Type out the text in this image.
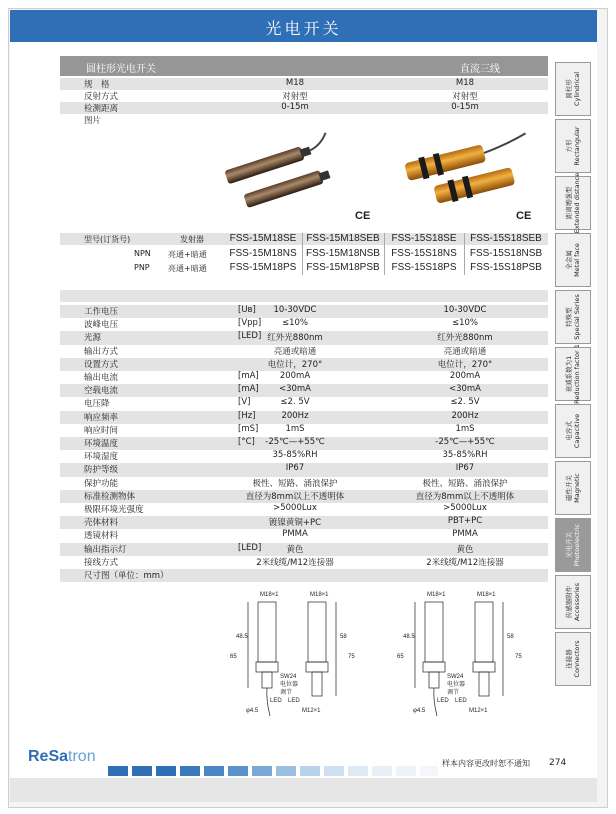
光电开关
圆柱形光电开关	直流三线
规　格	M18	M18
反射方式	对射型	对射型
检测距离	0-15m	0-15m
图片
CE	CE
型号(订货号)	发射器	FSS-15M18SE FSS-15M18SEB	FSS-15S18SE	FSS-15S18SEB
NPN 亮通+暗通	FSS-15M18NS FSS-15M18NSB	FSS-15S18NS	FSS-15S18NSB
PNP 亮通+暗通	FSS-15M18PS FSS-15M18PSB	FSS-15S18PS	FSS-15S18PSB
工作电压	[Uʙ]	10-30VDC	10-30VDC
波峰电压	[Vpp]	≤10%	≤10%
光源	[LED] 红外光880nm	红外光880nm
输出方式	亮通或暗通	亮通或暗通
设置方式	电位计，270°	电位计，270°
输出电流	[mA]	200mA	200mA
空载电流	[mA]	<30mA	<30mA
电压降	[V]	≤2. 5V	≤2. 5V
响应频率	[Hz]	200Hz	200Hz
响应时间	[mS]	1mS	1mS
环境温度	[°C]	-25℃—+55℃	-25℃—+55℃
环境湿度	35-85%RH	35-85%RH
防护等级	IP67	IP67
保护功能	极性、短路、涌浪保护	极性、短路、涌浪保护
标准检测物体	直径为8mm以上不透明体	直径为8mm以上不透明体
极限环境光强度	>5000Lux	>5000Lux
壳体材料	镀镍黄铜+PC	PBT+PC
透镜材料	PMMA	PMMA
输出指示灯	[LED]	黄色	黄色
接线方式	2米线缆/M12连接器	2米线缆/M12连接器
尺寸图（单位：mm）
M18×1	M18×1
65
48.5	58
75
SW24
电位器
调节
LED LED
φ4.5	M12×1
M18×1	M18×1
65
48.5	58
75
SW24
电位器
调节
LED LED
φ4.5	M12×1
圆柱形 Cylindrical
方形 Rectangular
距离增强型 Extended distance
全金属 Metal face
特殊型 Special Series
衰减系数为1 Reduction factor 1
电容式 Capacitive
磁性开关 Magnetic
光电开关 Photoelectric
传感器附件 Accessories
连接器 Connectors
ReSatron	样本内容更改时恕不通知 274
